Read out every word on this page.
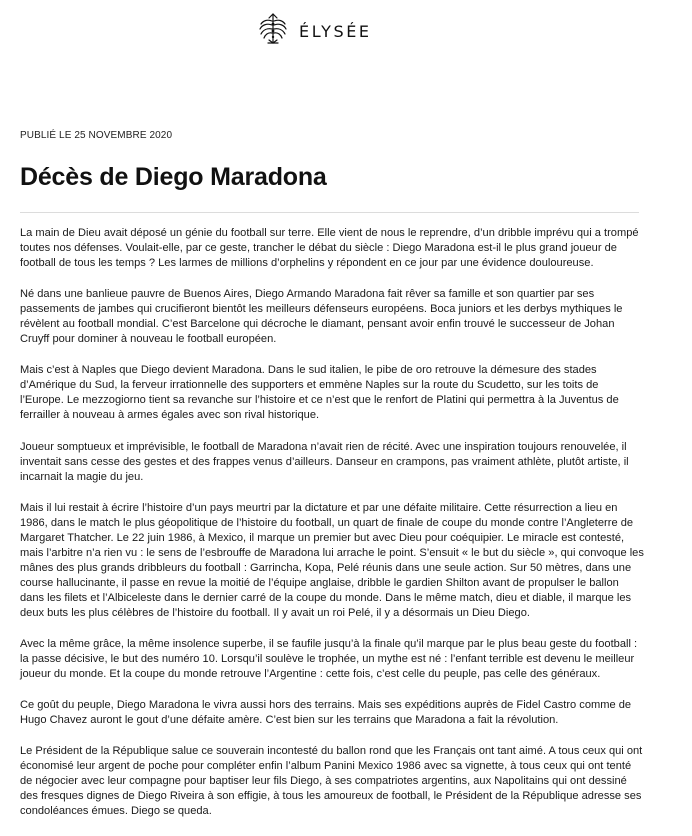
ÉLYSÉE
PUBLIÉ LE 25 NOVEMBRE 2020
Décès de Diego Maradona

La main de Dieu avait déposé un génie du football sur terre. Elle vient de nous le reprendre, d’un dribble imprévu qui a trompé toutes nos défenses. Voulait-elle, par ce geste, trancher le débat du siècle : Diego Maradona est-il le plus grand joueur de football de tous les temps ? Les larmes de millions d’orphelins y répondent en ce jour par une évidence douloureuse.

Né dans une banlieue pauvre de Buenos Aires, Diego Armando Maradona fait rêver sa famille et son quartier par ses passements de jambes qui crucifieront bientôt les meilleurs défenseurs européens. Boca juniors et les derbys mythiques le révèlent au football mondial. C’est Barcelone qui décroche le diamant, pensant avoir enfin trouvé le successeur de Johan Cruyff pour dominer à nouveau le football européen.

Mais c’est à Naples que Diego devient Maradona. Dans le sud italien, le pibe de oro retrouve la démesure des stades d’Amérique du Sud, la ferveur irrationnelle des supporters et emmène Naples sur la route du Scudetto, sur les toits de l’Europe. Le mezzogiorno tient sa revanche sur l’histoire et ce n’est que le renfort de Platini qui permettra à la Juventus de ferrailler à nouveau à armes égales avec son rival historique.

Joueur somptueux et imprévisible, le football de Maradona n’avait rien de récité. Avec une inspiration toujours renouvelée, il inventait sans cesse des gestes et des frappes venus d’ailleurs. Danseur en crampons, pas vraiment athlète, plutôt artiste, il incarnait la magie du jeu.

Mais il lui restait à écrire l’histoire d’un pays meurtri par la dictature et par une défaite militaire. Cette résurrection a lieu en 1986, dans le match le plus géopolitique de l’histoire du football, un quart de finale de coupe du monde contre l’Angleterre de Margaret Thatcher. Le 22 juin 1986, à Mexico, il marque un premier but avec Dieu pour coéquipier. Le miracle est contesté, mais l’arbitre n’a rien vu : le sens de l’esbrouffe de Maradona lui arrache le point. S’ensuit « le but du siècle », qui convoque les mânes des plus grands dribbleurs du football : Garrincha, Kopa, Pelé réunis dans une seule action. Sur 50 mètres, dans une course hallucinante, il passe en revue la moitié de l’équipe anglaise, dribble le gardien Shilton avant de propulser le ballon dans les filets et l’Albiceleste dans le dernier carré de la coupe du monde. Dans le même match, dieu et diable, il marque les deux buts les plus célèbres de l’histoire du football. Il y avait un roi Pelé, il y a désormais un Dieu Diego.

Avec la même grâce, la même insolence superbe, il se faufile jusqu’à la finale qu’il marque par le plus beau geste du football : la passe décisive, le but des numéro 10. Lorsqu’il soulève le trophée, un mythe est né : l’enfant terrible est devenu le meilleur joueur du monde. Et la coupe du monde retrouve l’Argentine : cette fois, c’est celle du peuple, pas celle des généraux.

Ce goût du peuple, Diego Maradona le vivra aussi hors des terrains. Mais ses expéditions auprès de Fidel Castro comme de Hugo Chavez auront le gout d’une défaite amère. C’est bien sur les terrains que Maradona a fait la révolution.

Le Président de la République salue ce souverain incontesté du ballon rond que les Français ont tant aimé. A tous ceux qui ont économisé leur argent de poche pour compléter enfin l’album Panini Mexico 1986 avec sa vignette, à tous ceux qui ont tenté de négocier avec leur compagne pour baptiser leur fils Diego, à ses compatriotes argentins, aux Napolitains qui ont dessiné des fresques dignes de Diego Riveira à son effigie, à tous les amoureux de football, le Président de la République adresse ses condoléances émues. Diego se queda.
